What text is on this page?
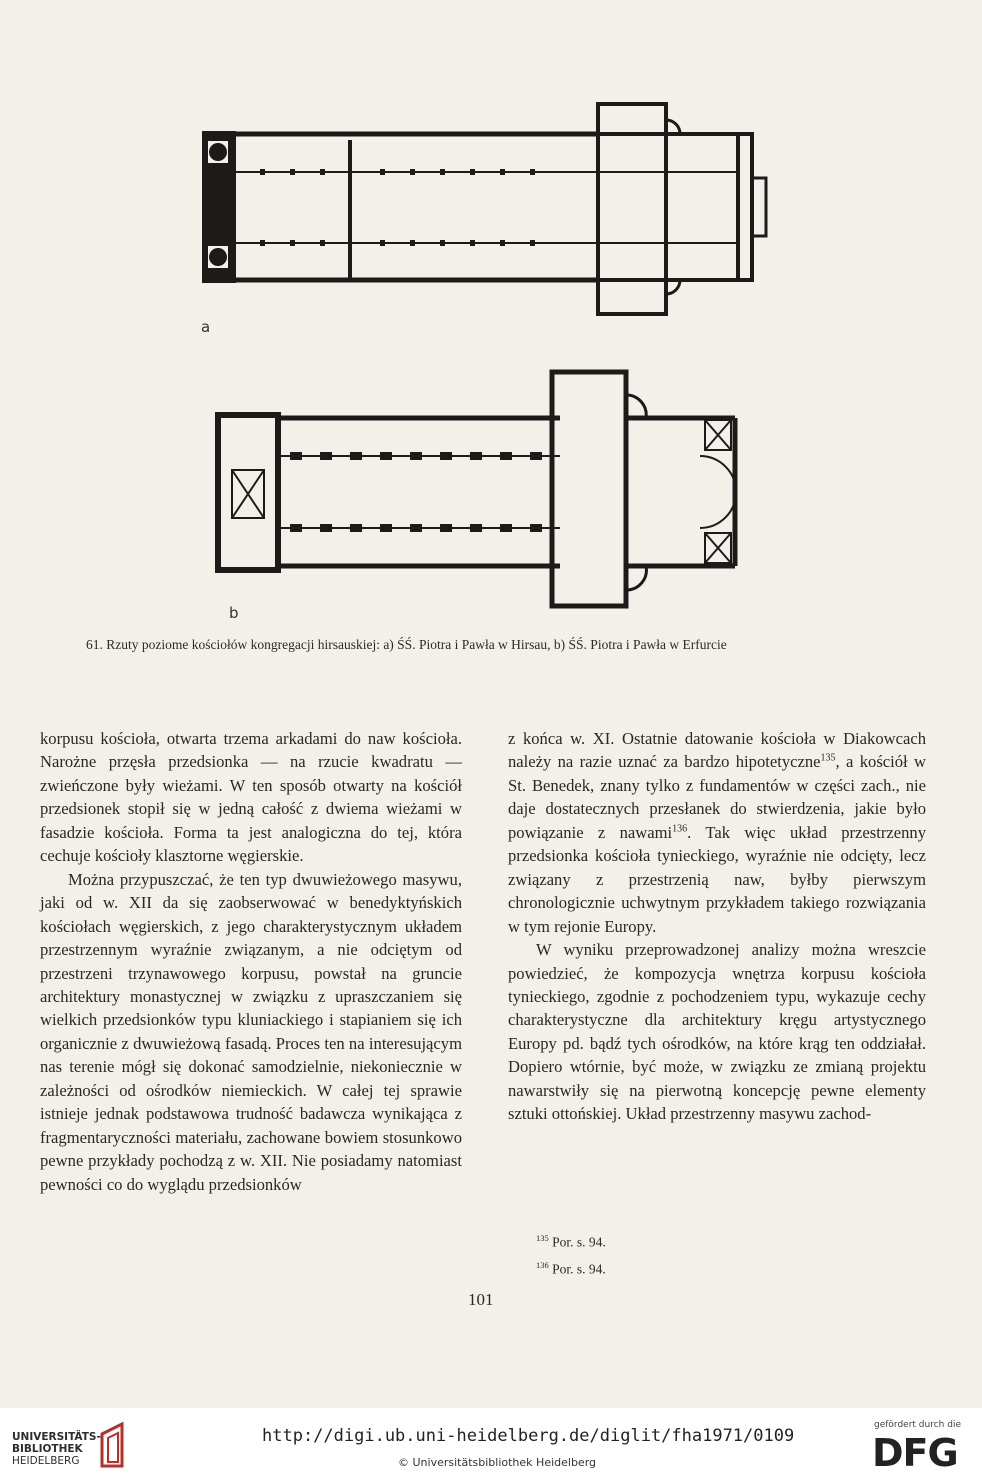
a
b
61. Rzuty poziome kościołów kongregacji hirsauskiej: a) ŚŚ. Piotra i Pawła w Hirsau, b) ŚŚ. Piotra i Pawła w Erfurcie

korpusu kościoła, otwarta trzema arkadami do naw kościoła. Narożne przęsła przedsionka — na rzucie kwadratu — zwieńczone były wieżami. W ten sposób otwarty na kościół przedsionek stopił się w jedną całość z dwiema wieżami w fasadzie kościoła. Forma ta jest analogiczna do tej, która cechuje kościoły klasztorne węgierskie.

Można przypuszczać, że ten typ dwuwieżowego masywu, jaki od w. XII da się zaobserwować w benedyktyńskich kościołach węgierskich, z jego charakterystycznym układem przestrzennym wyraźnie związanym, a nie odciętym od przestrzeni trzynawowego korpusu, powstał na gruncie architektury monastycznej w związku z upraszczaniem się wielkich przedsionków typu kluniackiego i stapianiem się ich organicznie z dwuwieżową fasadą. Proces ten na interesującym nas terenie mógł się dokonać samodzielnie, niekoniecznie w zależności od ośrodków niemieckich. W całej tej sprawie istnieje jednak podstawowa trudność badawcza wynikająca z fragmentaryczności materiału, zachowane bowiem stosunkowo pewne przykłady pochodzą z w. XII. Nie posiadamy natomiast pewności co do wyglądu przedsionków

z końca w. XI. Ostatnie datowanie kościoła w Diakowcach należy na razie uznać za bardzo hipotetyczne$^{135}$, a kościół w St. Benedek, znany tylko z fundamentów w części zach., nie daje dostatecznych przesłanek do stwierdzenia, jakie było powiązanie z nawami$^{136}$. Tak więc układ przestrzenny przedsionka kościoła tynieckiego, wyraźnie nie odcięty, lecz związany z przestrzenią naw, byłby pierwszym chronologicznie uchwytnym przykładem takiego rozwiązania w tym rejonie Europy.

W wyniku przeprowadzonej analizy można wreszcie powiedzieć, że kompozycja wnętrza korpusu kościoła tynieckiego, zgodnie z pochodzeniem typu, wykazuje cechy charakterystyczne dla architektury kręgu artystycznego Europy pd. bądź tych ośrodków, na które krąg ten oddziałał. Dopiero wtórnie, być może, w związku ze zmianą projektu nawarstwiły się na pierwotną koncepcję pewne elementy sztuki ottońskiej. Układ przestrzenny masywu zachod-

$^{135}$ Por. s. 94.
$^{136}$ Por. s. 94.
101
UNIVERSITÄTS-
BIBLIOTHEK
HEIDELBERG
http://digi.ub.uni-heidelberg.de/diglit/fha1971/0109
© Universitätsbibliothek Heidelberg
gefördert durch die
DFG
